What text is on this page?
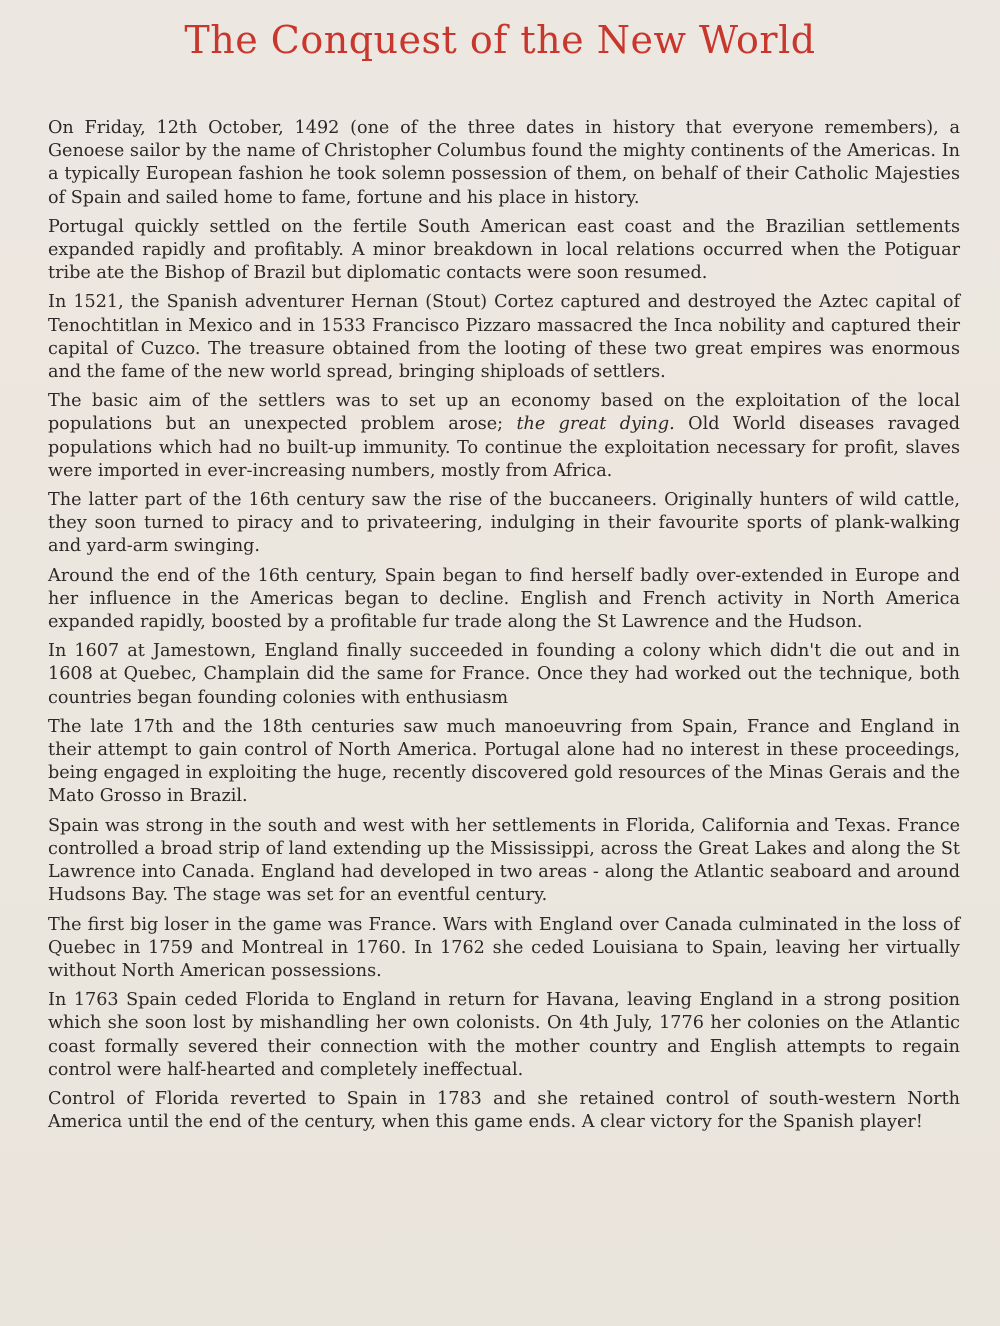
The Conquest of the New World

On Friday, 12th October, 1492 (one of the three dates in history that everyone remembers), a Genoese sailor by the name of Christopher Columbus found the mighty continents of the Americas. In a typically European fashion he took solemn possession of them, on behalf of their Catholic Majesties of Spain and sailed home to fame, fortune and his place in history.

Portugal quickly settled on the fertile South American east coast and the Brazilian settlements expanded rapidly and profitably. A minor breakdown in local relations occurred when the Potiguar tribe ate the Bishop of Brazil but diplomatic contacts were soon resumed.

In 1521, the Spanish adventurer Hernan (Stout) Cortez captured and destroyed the Aztec capital of Tenochtitlan in Mexico and in 1533 Francisco Pizzaro massacred the Inca nobility and captured their capital of Cuzco. The treasure obtained from the looting of these two great empires was enormous and the fame of the new world spread, bringing shiploads of settlers.

The basic aim of the settlers was to set up an economy based on the exploitation of the local populations but an unexpected problem arose; the great dying. Old World diseases ravaged populations which had no built-up immunity. To continue the exploitation necessary for profit, slaves were imported in ever-increasing numbers, mostly from Africa.

The latter part of the 16th century saw the rise of the buccaneers. Originally hunters of wild cattle, they soon turned to piracy and to privateering, indulging in their favourite sports of plank-walking and yard-arm swinging.

Around the end of the 16th century, Spain began to find herself badly over-extended in Europe and her influence in the Americas began to decline. English and French activity in North America expanded rapidly, boosted by a profitable fur trade along the St Lawrence and the Hudson.

In 1607 at Jamestown, England finally succeeded in founding a colony which didn't die out and in 1608 at Quebec, Champlain did the same for France. Once they had worked out the technique, both countries began founding colonies with enthusiasm

The late 17th and the 18th centuries saw much manoeuvring from Spain, France and England in their attempt to gain control of North America. Portugal alone had no interest in these proceedings, being engaged in exploiting the huge, recently discovered gold resources of the Minas Gerais and the Mato Grosso in Brazil.

Spain was strong in the south and west with her settlements in Florida, California and Texas. France controlled a broad strip of land extending up the Mississippi, across the Great Lakes and along the St Lawrence into Canada. England had developed in two areas - along the Atlantic seaboard and around Hudsons Bay. The stage was set for an eventful century.

The first big loser in the game was France. Wars with England over Canada culminated in the loss of Quebec in 1759 and Montreal in 1760. In 1762 she ceded Louisiana to Spain, leaving her virtually without North American possessions.

In 1763 Spain ceded Florida to England in return for Havana, leaving England in a strong position which she soon lost by mishandling her own colonists. On 4th July, 1776 her colonies on the Atlantic coast formally severed their connection with the mother country and English attempts to regain control were half-hearted and completely ineffectual.

Control of Florida reverted to Spain in 1783 and she retained control of south-western North America until the end of the century, when this game ends. A clear victory for the Spanish player!
